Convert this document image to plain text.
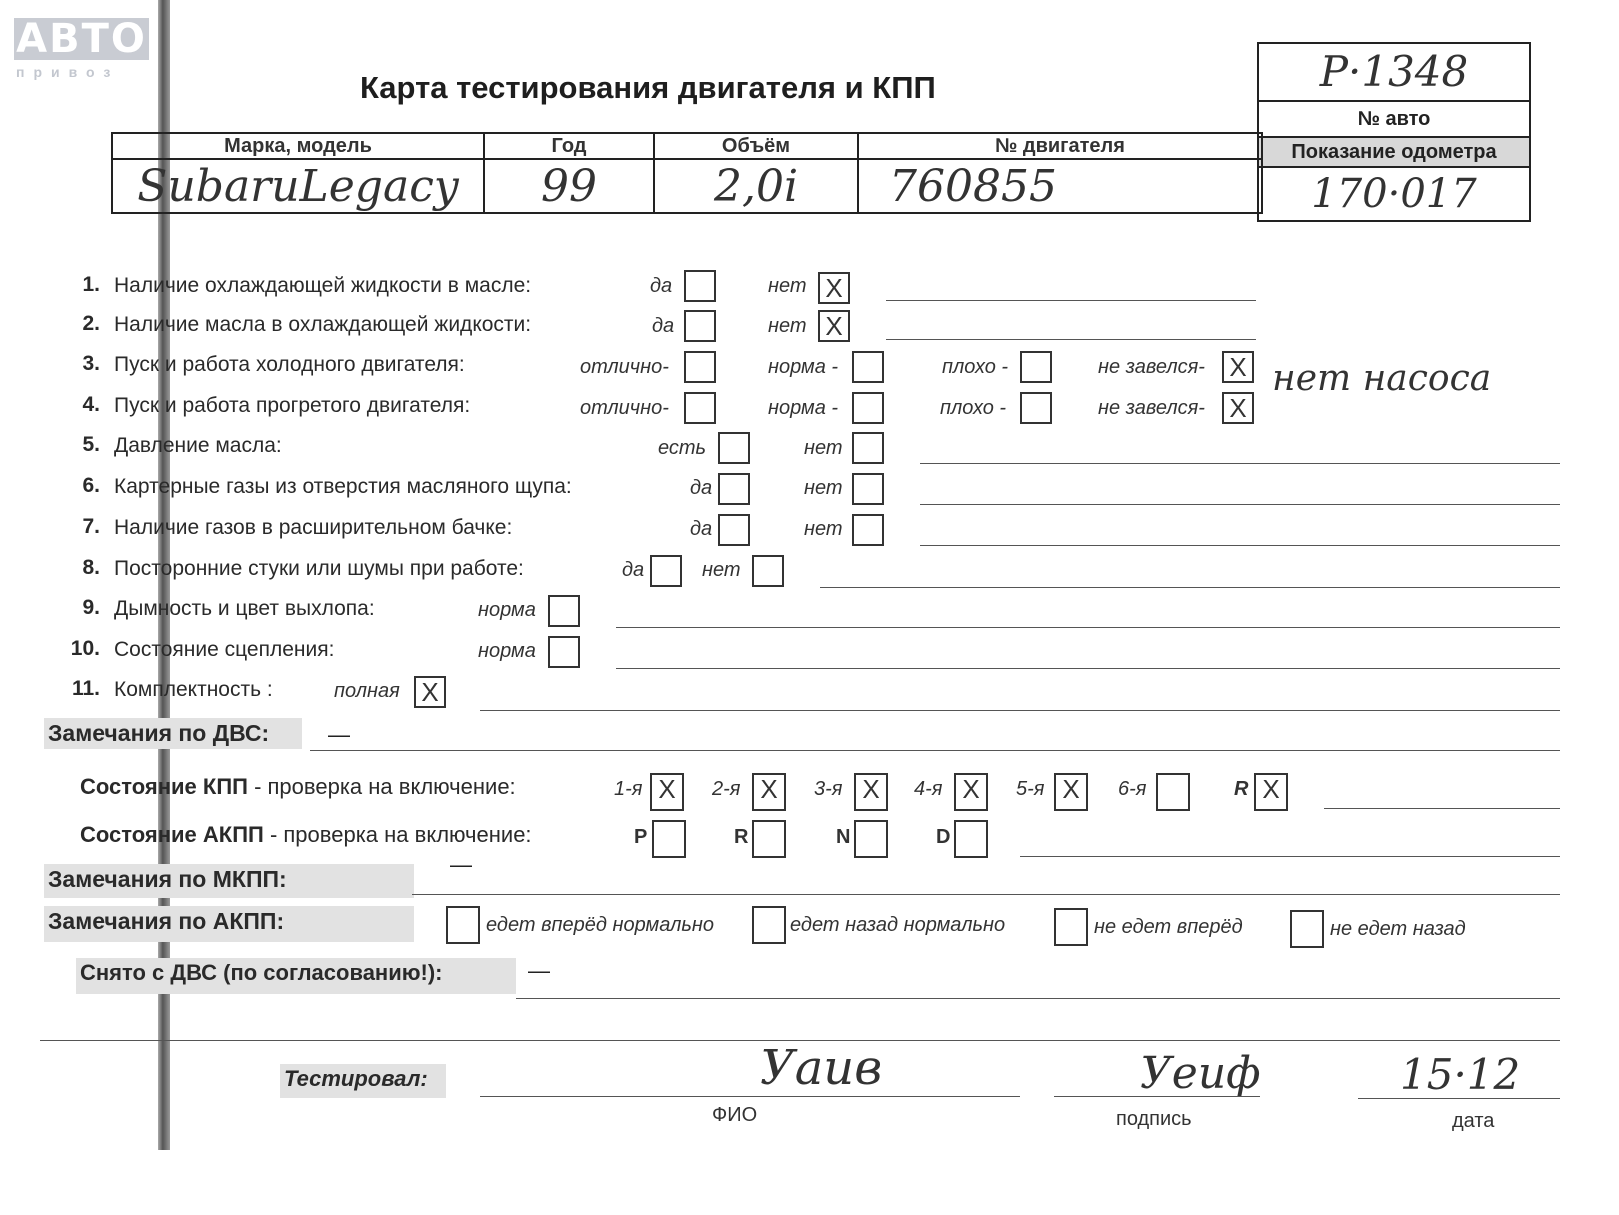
АВТО
привоз	Карта тестирования двигателя и КПП	Р·1348
№ авто
Показание одометра
170·017
Марка, модель	Год	Объём	№ двигателя
SubaruLegacy	99	2,0i	760855
1. Наличие охлаждающей жидкости в масле:	да	нет X
2. Наличие масла в охлаждающей жидкости:	да	нет X
3. Пуск и работа холодного двигателя:	отлично-	норма -	плохо -	не завелся- X нет насоса
4. Пуск и работа прогретого двигателя:	отлично-	норма -	плохо -	не завелся- X
5. Давление масла:	есть	нет
6. Картерные газы из отверстия масляного щупа:	да	нет
7. Наличие газов в расширительном бачке:	да	нет
8. Посторонние стуки или шумы при работе:	да	нет
9. Дымность и цвет выхлопа:	норма
10. Состояние сцепления:	норма
11. Комплектность :	полная X
Замечания по ДВС:	—
Состояние КПП - проверка на включение:	1-я X	2-я X	3-я X	4-я X	5-я X	6-я	R X
Состояние АКПП - проверка на включение:	P	R	N	D
Замечания по МКПП:
—
Замечания по АКПП:	едет вперёд нормально	едет назад нормально	не едет вперёд	не едет назад
Снято с ДВС (по согласованию!):	—
Тестировал:	Уаив
ФИО
Уеиф
подпись
15·12
дата
